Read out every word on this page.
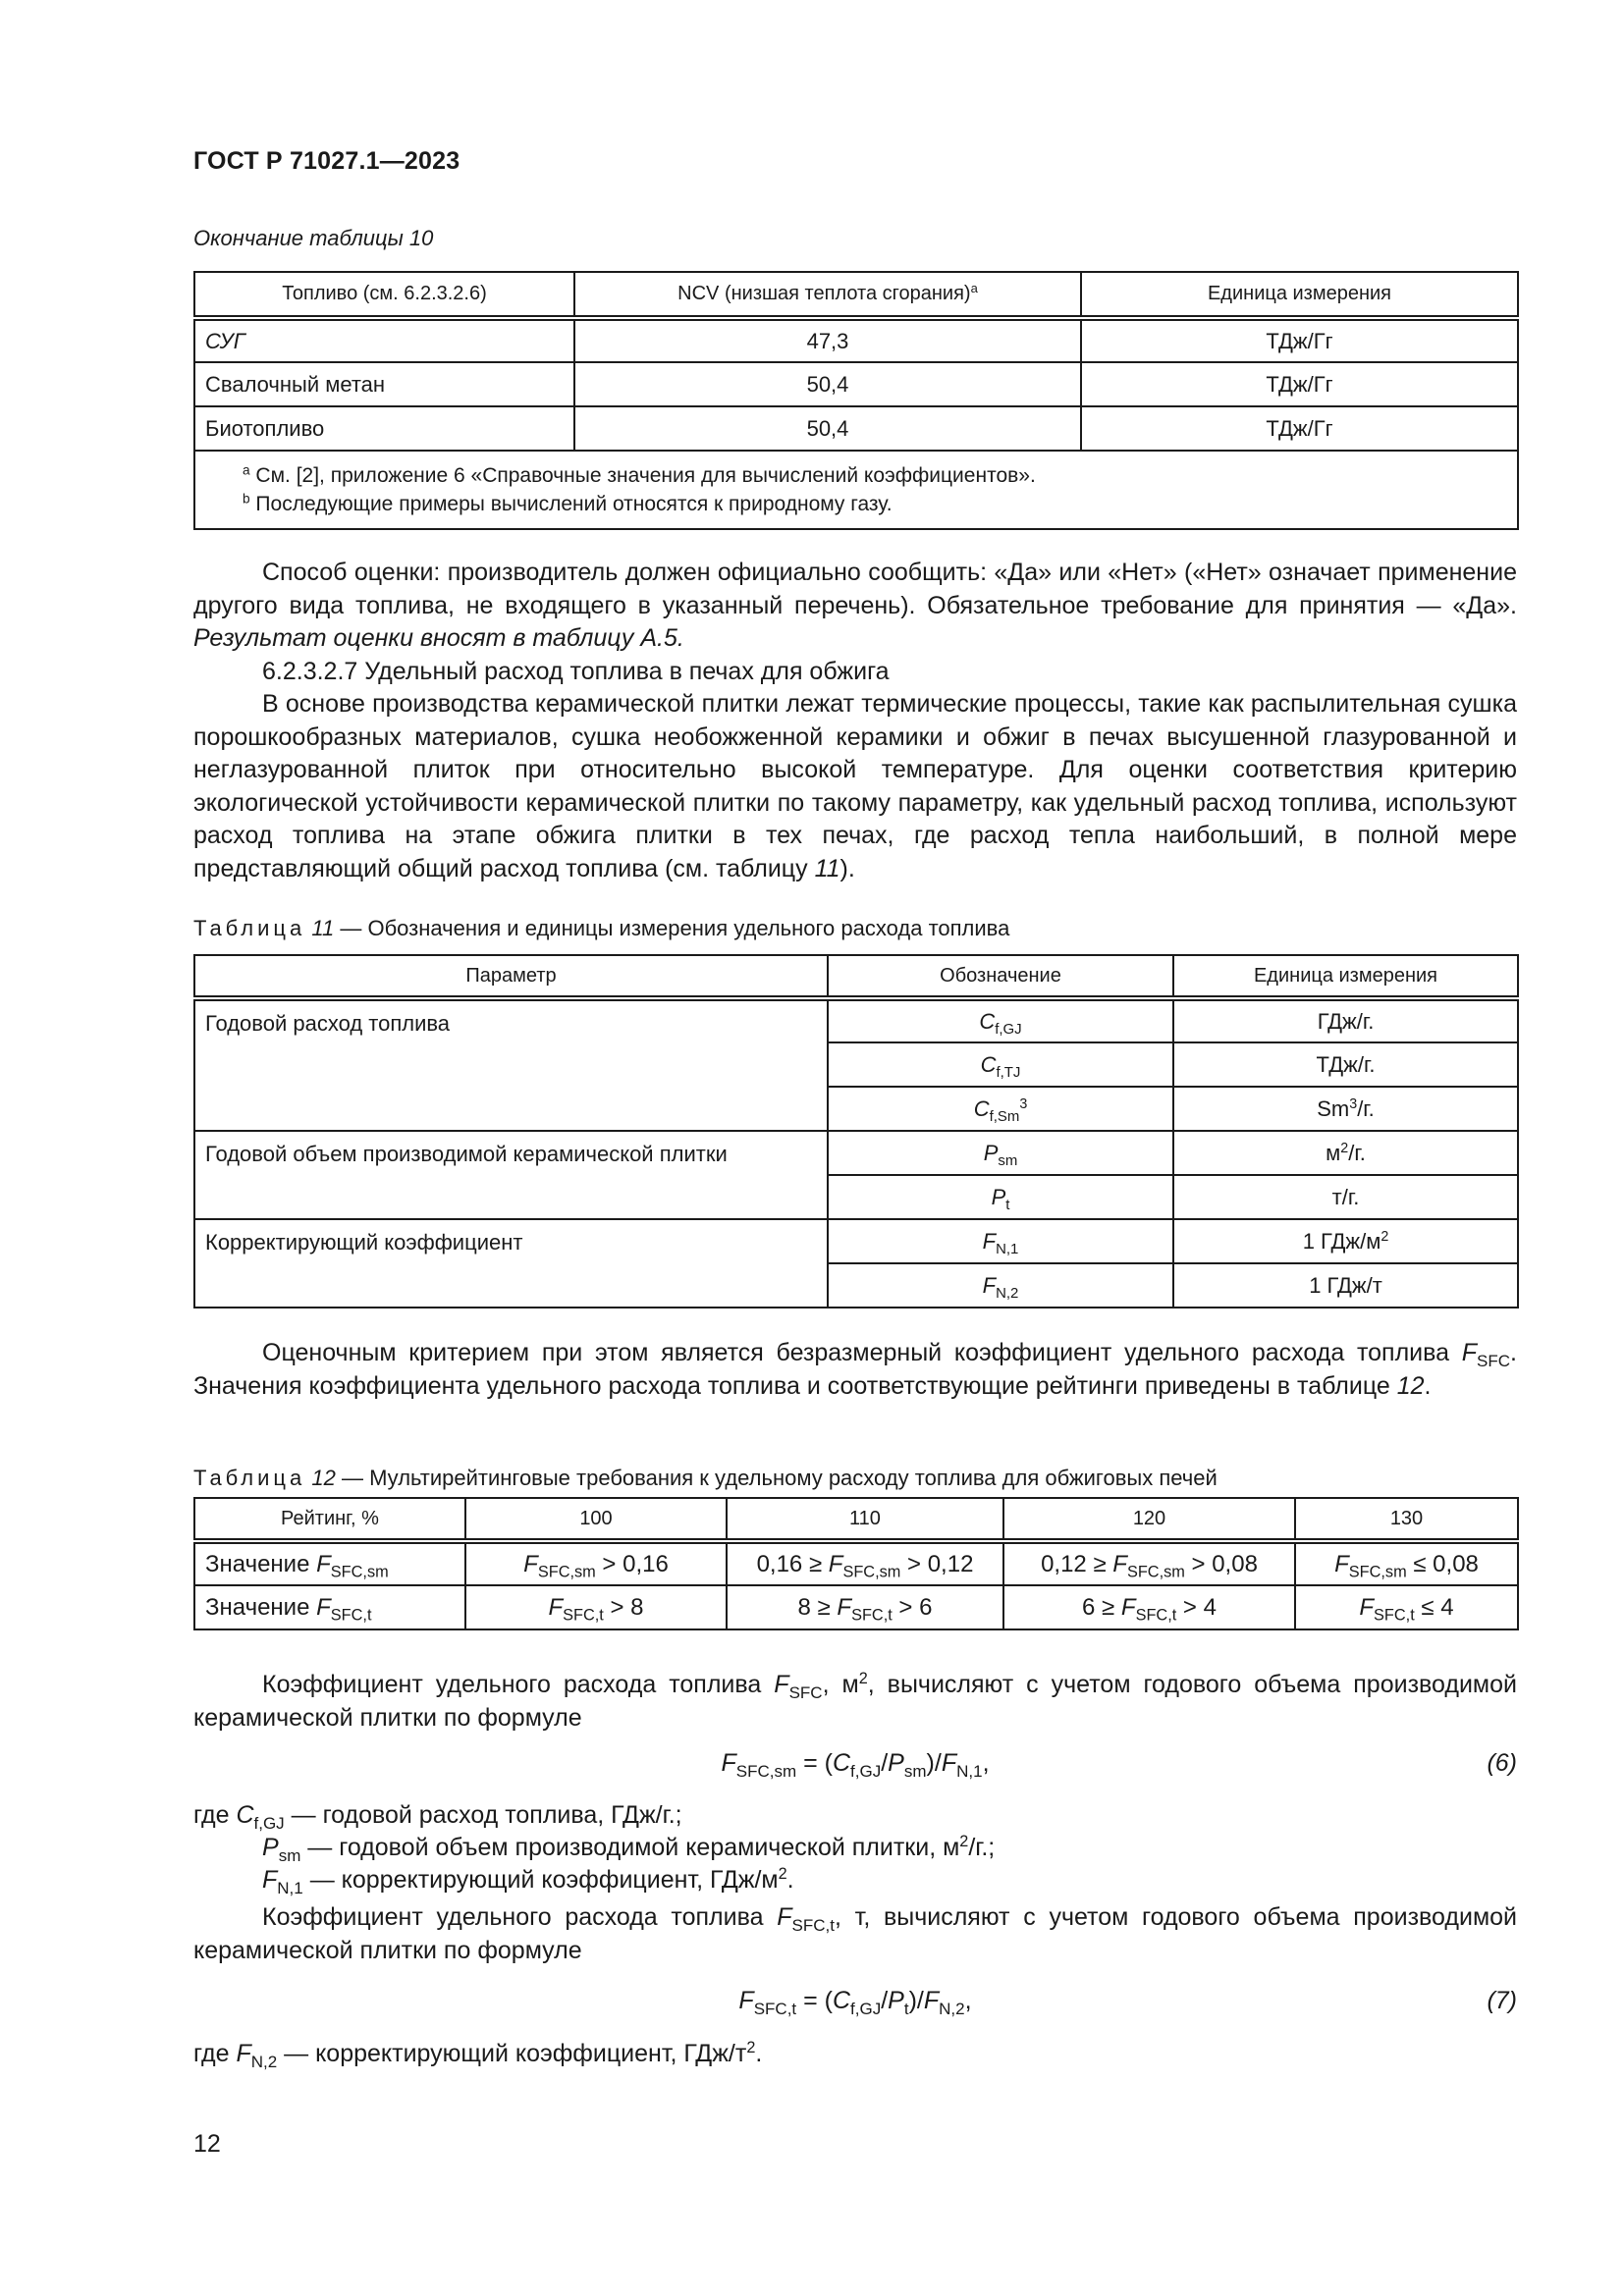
ГОСТ Р 71027.1—2023
Окончание таблицы 10
Топливо (см. 6.2.3.2.6)	NCV (низшая теплота сгорания)$^a$	Единица измерения
СУГ	47,3	ТДж/Гг
Свалочный метан	50,4	ТДж/Гг
Биотопливо	50,4	ТДж/Гг

$^a$ См. [2], приложение 6 «Справочные значения для вычислений коэффициентов».
$^b$ Последующие примеры вычислений относятся к природному газу.		
Способ оценки: производитель должен официально сообщить: «Да» или «Нет» («Нет» означает применение другого вида топлива, не входящего в указанный перечень). Обязательное требование для принятия — «Да». Результат оценки вносят в таблицу А.5.
6.2.3.2.7 Удельный расход топлива в печах для обжига
В основе производства керамической плитки лежат термические процессы, такие как распылительная сушка порошкообразных материалов, сушка необожженной керамики и обжиг в печах высушенной глазурованной и неглазурованной плиток при относительно высокой температуре. Для оценки соответствия критерию экологической устойчивости керамической плитки по такому параметру, как удельный расход топлива, используют расход топлива на этапе обжига плитки в тех печах, где расход тепла наибольший, в полной мере представляющий общий расход топлива (см. таблицу 11).
Таблица 11 — Обозначения и единицы измерения удельного расхода топлива
Параметр	Обозначение	Единица измерения
Годовой расход топлива	$C_{f,GJ}$	ГДж/г.
	$C_{f,TJ}$	ТДж/г.
	$C_{f,Sm}^3$	Sm$^3$/г.
Годовой объем производимой керамической плитки	$P_{sm}$	$м^2/г$.
	$P_t$	т/г.
Корректирующий коэффициент	$F_{N,1}$	1 ГДж/$м^2$
	$F_{N,2}$	1 ГДж/т
Оценочным критерием при этом является безразмерный коэффициент удельного расхода топлива $F_{SFC}$. Значения коэффициента удельного расхода топлива и соответствующие рейтинги приведены в таблице 12.
Таблица 12 — Мультирейтинговые требования к удельному расходу топлива для обжиговых печей
Рейтинг, %	100	110	120	130
Значение $F_{SFC,sm}$	$F_{SFC,sm} > 0,16$	$0,16 \ge F_{SFC,sm} > 0,12$	$0,12 \ge F_{SFC,sm} > 0,08$	$F_{SFC,sm} \le 0,08$
Значение $F_{SFC,t}$	$F_{SFC,t} > 8$	$8 \ge F_{SFC,t} > 6$	$6 \ge F_{SFC,t} > 4$	$F_{SFC,t} \le 4$
Коэффициент удельного расхода топлива $F_{SFC}$, $м^2$, вычисляют с учетом годового объема производимой керамической плитки по формуле
$F_{SFC,sm} = (C_{f,GJ}/P_{sm})/F_{N,1}$,	(6)
где $C_{f,GJ}$ — годовой расход топлива, ГДж/г.;
$P_{sm}$ — годовой объем производимой керамической плитки, $м^2/г$.;
$F_{N,1}$ — корректирующий коэффициент, ГДж/$м^2$.
Коэффициент удельного расхода топлива $F_{SFC,t}$, т, вычисляют с учетом годового объема производимой керамической плитки по формуле
$F_{SFC,t} = (C_{f,GJ}/P_t)/F_{N,2}$,	(7)
где $F_{N,2}$ — корректирующий коэффициент, ГДж/$т^2$.
12
